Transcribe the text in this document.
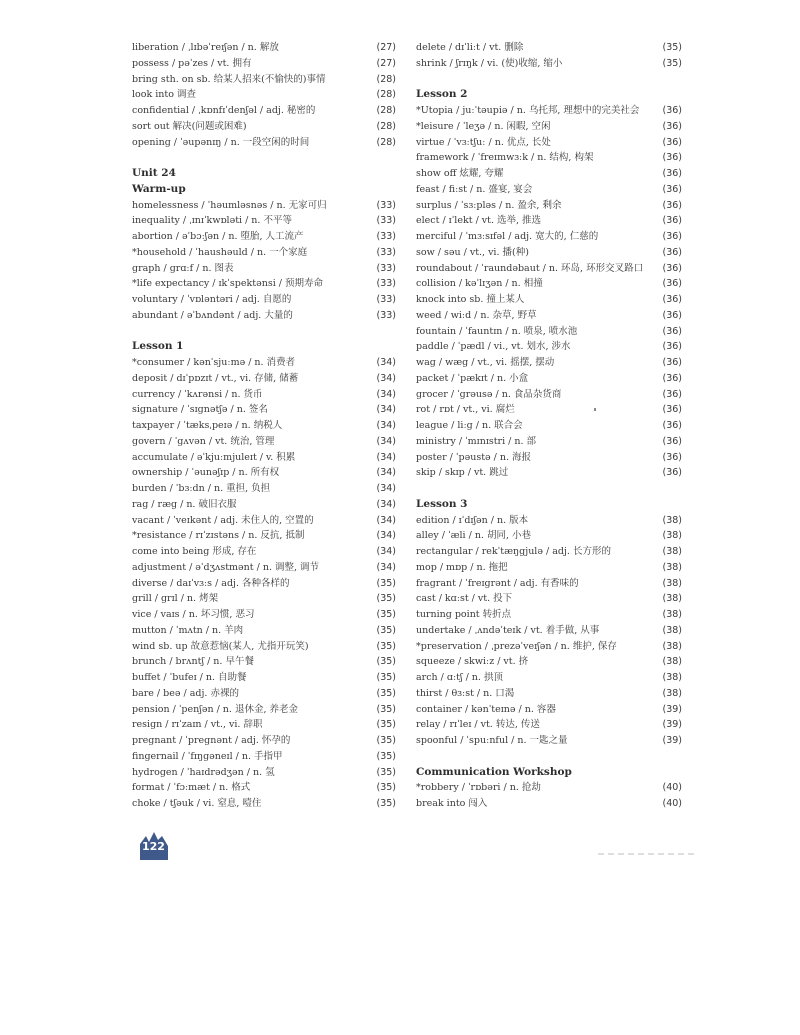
liberation / ˌlɪbəˈreɪʃən / n. 解放	(27)
possess / pəˈzes / vt. 拥有	(27)
bring sth. on sb. 给某人招来(不愉快的)事情	(28)
look into 调查	(28)
confidential / ˌkɒnfɪˈdenʃəl / adj. 秘密的	(28)
sort out 解决(问题或困难)	(28)
opening / ˈəupənɪŋ / n. 一段空闲的时间	(28)
Unit 24
Warm-up
homelessness / ˈhəumləsnəs / n. 无家可归	(33)
inequality / ˌɪnɪˈkwɒləti / n. 不平等	(33)
abortion / əˈbɔːʃən / n. 堕胎, 人工流产	(33)
*household / ˈhaushəuld / n. 一个家庭	(33)
graph / grɑːf / n. 图表	(33)
*life expectancy / ɪkˈspektənsi / 预期寿命	(33)
voluntary / ˈvɒləntəri / adj. 自愿的	(33)
abundant / əˈbʌndənt / adj. 大量的	(33)
Lesson 1
*consumer / kənˈsjuːmə / n. 消费者	(34)
deposit / dɪˈpɒzɪt / vt., vi. 存储, 储蓄	(34)
currency / ˈkʌrənsi / n. 货币	(34)
signature / ˈsɪgnətʃə / n. 签名	(34)
taxpayer / ˈtæksˌpeɪə / n. 纳税人	(34)
govern / ˈgʌvən / vt. 统治, 管理	(34)
accumulate / əˈkjuːmjuleɪt / v. 积累	(34)
ownership / ˈəunəʃɪp / n. 所有权	(34)
burden / ˈbɜːdn / n. 重担, 负担	(34)
rag / ræg / n. 破旧衣服	(34)
vacant / ˈveɪkənt / adj. 未住人的, 空置的	(34)
*resistance / rɪˈzɪstəns / n. 反抗, 抵制	(34)
come into being 形成, 存在	(34)
adjustment / əˈdʒʌstmənt / n. 调整, 调节	(34)
diverse / daɪˈvɜːs / adj. 各种各样的	(35)
grill / grɪl / n. 烤架	(35)
vice / vaɪs / n. 坏习惯, 恶习	(35)
mutton / ˈmʌtn / n. 羊肉	(35)
wind sb. up 故意惹恼(某人, 尤指开玩笑)	(35)
brunch / brʌntʃ / n. 早午餐	(35)
buffet / ˈbufeɪ / n. 自助餐	(35)
bare / beə / adj. 赤裸的	(35)
pension / ˈpenʃən / n. 退休金, 养老金	(35)
resign / rɪˈzaɪn / vt., vi. 辞职	(35)
pregnant / ˈpregnənt / adj. 怀孕的	(35)
fingernail / ˈfɪŋgəneɪl / n. 手指甲	(35)
hydrogen / ˈhaɪdrədʒən / n. 氢	(35)
format / ˈfɔːmæt / n. 格式	(35)
choke / tʃəuk / vi. 窒息, 噎住	(35)
delete / dɪˈliːt / vt. 删除	(35)
shrink / ʃrɪŋk / vi. (使)收缩, 缩小	(35)
Lesson 2
*Utopia / juːˈtəupiə / n. 乌托邦, 理想中的完美社会 (36)
*leisure / ˈleʒə / n. 闲暇, 空闲	(36)
virtue / ˈvɜːtʃuː / n. 优点, 长处	(36)
framework / ˈfreɪmwɜːk / n. 结构, 构架	(36)
show off 炫耀, 夸耀	(36)
feast / fiːst / n. 盛宴, 宴会	(36)
surplus / ˈsɜːpləs / n. 盈余, 剩余	(36)
elect / ɪˈlekt / vt. 选举, 推选	(36)
merciful / ˈmɜːsɪfəl / adj. 宽大的, 仁慈的	(36)
sow / səu / vt., vi. 播(种)	(36)
roundabout / ˈraundəbaut / n. 环岛, 环形交叉路口 (36)
collision / kəˈlɪʒən / n. 相撞	(36)
knock into sb. 撞上某人	(36)
weed / wiːd / n. 杂草, 野草	(36)
fountain / ˈfauntɪn / n. 喷泉, 喷水池	(36)
paddle / ˈpædl / vi., vt. 划水, 涉水	(36)
wag / wæg / vt., vi. 摇摆, 摆动	(36)
packet / ˈpækɪt / n. 小盒	(36)
grocer / ˈgrəusə / n. 食品杂货商	(36)
rot / rɒt / vt., vi. 腐烂	(36)
league / liːg / n. 联合会	(36)
ministry / ˈmɪnɪstri / n. 部	(36)
poster / ˈpəustə / n. 海报	(36)
skip / skɪp / vt. 跳过	(36)
Lesson 3
edition / ɪˈdɪʃən / n. 版本	(38)
alley / ˈæli / n. 胡同, 小巷	(38)
rectangular / rekˈtæŋgjulə / adj. 长方形的	(38)
mop / mɒp / n. 拖把	(38)
fragrant / ˈfreɪgrənt / adj. 有香味的	(38)
cast / kɑːst / vt. 投下	(38)
turning point 转折点	(38)
undertake / ˌʌndəˈteɪk / vt. 着手做, 从事	(38)
*preservation / ˌprezəˈveɪʃən / n. 维护, 保存	(38)
squeeze / skwiːz / vt. 挤	(38)
arch / ɑːtʃ / n. 拱顶	(38)
thirst / θɜːst / n. 口渴	(38)
container / kənˈteɪnə / n. 容器	(39)
relay / rɪˈleɪ / vt. 转达, 传送	(39)
spoonful / ˈspuːnful / n. 一匙之量	(39)
Communication Workshop
*robbery / ˈrɒbəri / n. 抢劫	(40)
break into 闯入	(40)
122
